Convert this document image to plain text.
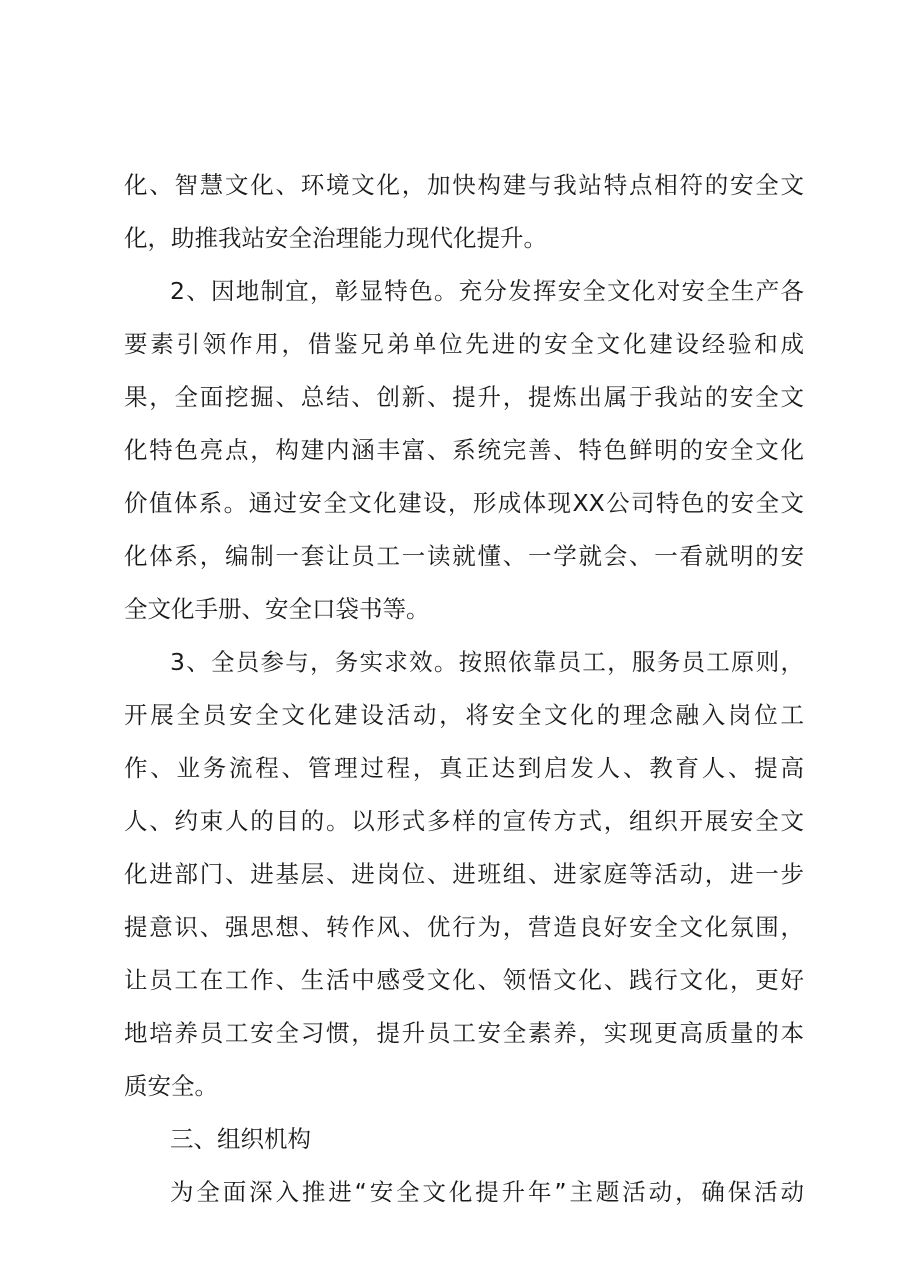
化、智慧文化、环境文化，加快构建与我站特点相符的安全文

化，助推我站安全治理能力现代化提升。

2、因地制宜，彰显特色。充分发挥安全文化对安全生产各

要素引领作用，借鉴兄弟单位先进的安全文化建设经验和成

果，全面挖掘、总结、创新、提升，提炼出属于我站的安全文

化特色亮点，构建内涵丰富、系统完善、特色鲜明的安全文化

价值体系。通过安全文化建设，形成体现XX公司特色的安全文

化体系，编制一套让员工一读就懂、一学就会、一看就明的安

全文化手册、安全口袋书等。

3、全员参与，务实求效。按照依靠员工，服务员工原则，

开展全员安全文化建设活动，将安全文化的理念融入岗位工

作、业务流程、管理过程，真正达到启发人、教育人、提高

人、约束人的目的。以形式多样的宣传方式，组织开展安全文

化进部门、进基层、进岗位、进班组、进家庭等活动，进一步

提意识、强思想、转作风、优行为，营造良好安全文化氛围，

让员工在工作、生活中感受文化、领悟文化、践行文化，更好

地培养员工安全习惯，提升员工安全素养，实现更高质量的本

质安全。

三、组织机构

为全面深入推进“安全文化提升年”主题活动，确保活动
